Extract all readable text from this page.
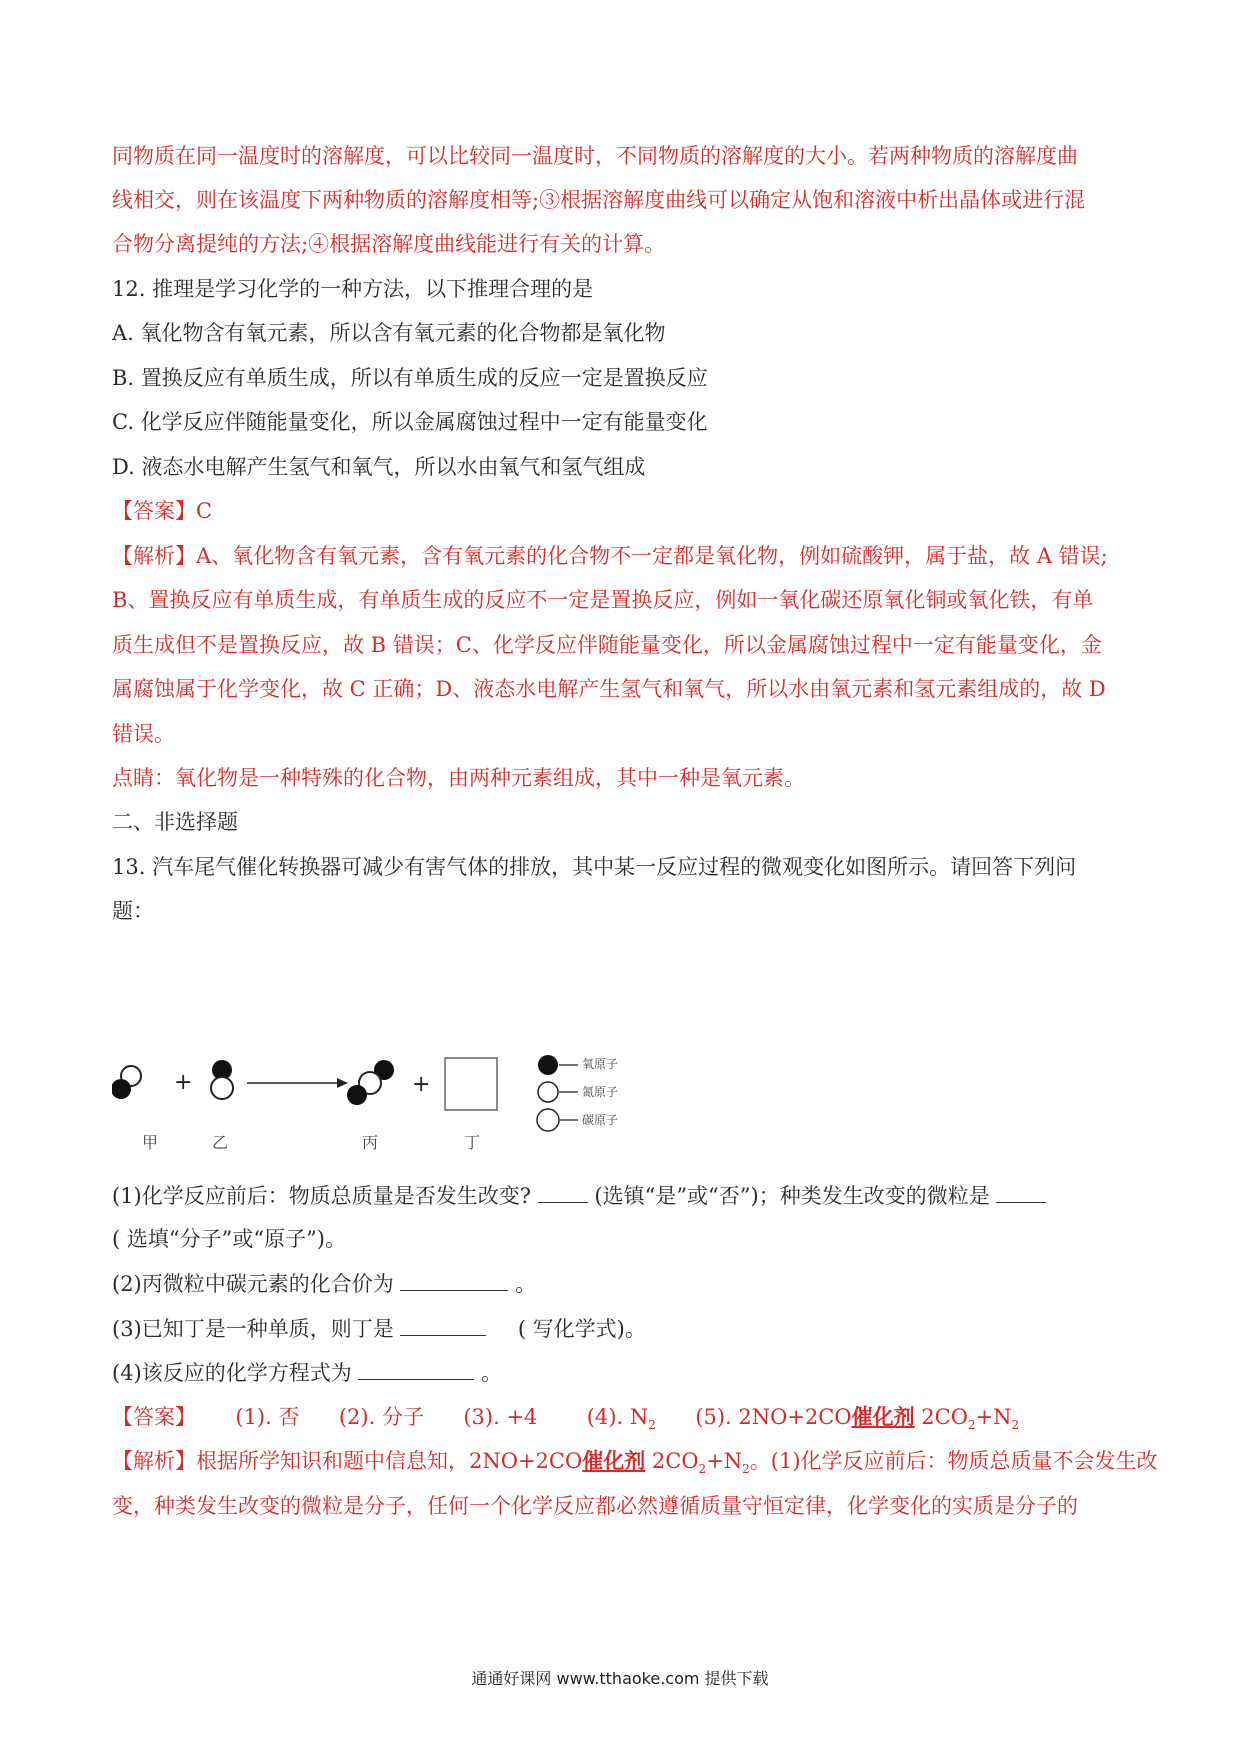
同物质在同一温度时的溶解度，可以比较同一温度时，不同物质的溶解度的大小。若两种物质的溶解度曲
线相交，则在该温度下两种物质的溶解度相等;③根据溶解度曲线可以确定从饱和溶液中析出晶体或进行混
合物分离提纯的方法;④根据溶解度曲线能进行有关的计算。
12. 推理是学习化学的一种方法，以下推理合理的是
A. 氧化物含有氧元素，所以含有氧元素的化合物都是氧化物
B. 置换反应有单质生成，所以有单质生成的反应一定是置换反应
C. 化学反应伴随能量变化，所以金属腐蚀过程中一定有能量变化
D. 液态水电解产生氢气和氧气，所以水由氧气和氢气组成
【答案】C
【解析】A、氧化物含有氧元素，含有氧元素的化合物不一定都是氧化物，例如硫酸钾，属于盐，故 A 错误;
B、置换反应有单质生成，有单质生成的反应不一定是置换反应，例如一氧化碳还原氧化铜或氧化铁，有单
质生成但不是置换反应，故 B 错误；C、化学反应伴随能量变化，所以金属腐蚀过程中一定有能量变化，金
属腐蚀属于化学变化，故 C 正确；D、液态水电解产生氢气和氧气，所以水由氧元素和氢元素组成的，故 D
错误。
点睛：氧化物是一种特殊的化合物，由两种元素组成，其中一种是氧元素。
二、非选择题
13. 汽车尾气催化转换器可减少有害气体的排放，其中某一反应过程的微观变化如图所示。请回答下列问
题：
+	+
甲	乙	丙	丁
氧原子
氮原子
碳原子
(1)化学反应前后：物质总质量是否发生改变?	(选镇“是”或“否”)；种类发生改变的微粒是
( 选填“分子”或“原子”)。
(2)丙微粒中碳元素的化合价为	。
(3)已知丁是一种单质，则丁是	( 写化学式)。
(4)该反应的化学方程式为	。
【答案】 (1). 否 (2). 分子 (3). +4 (4). $N_2$ (5). 2NO+2CO催化剂 $2CO_2+N_2$
【解析】根据所学知识和题中信息知，2NO+2CO催化剂 $2CO_2+N_2$。(1)化学反应前后：物质总质量不会发生改
变，种类发生改变的微粒是分子，任何一个化学反应都必然遵循质量守恒定律，化学变化的实质是分子的
通通好课网 www.tthaoke.com 提供下载
